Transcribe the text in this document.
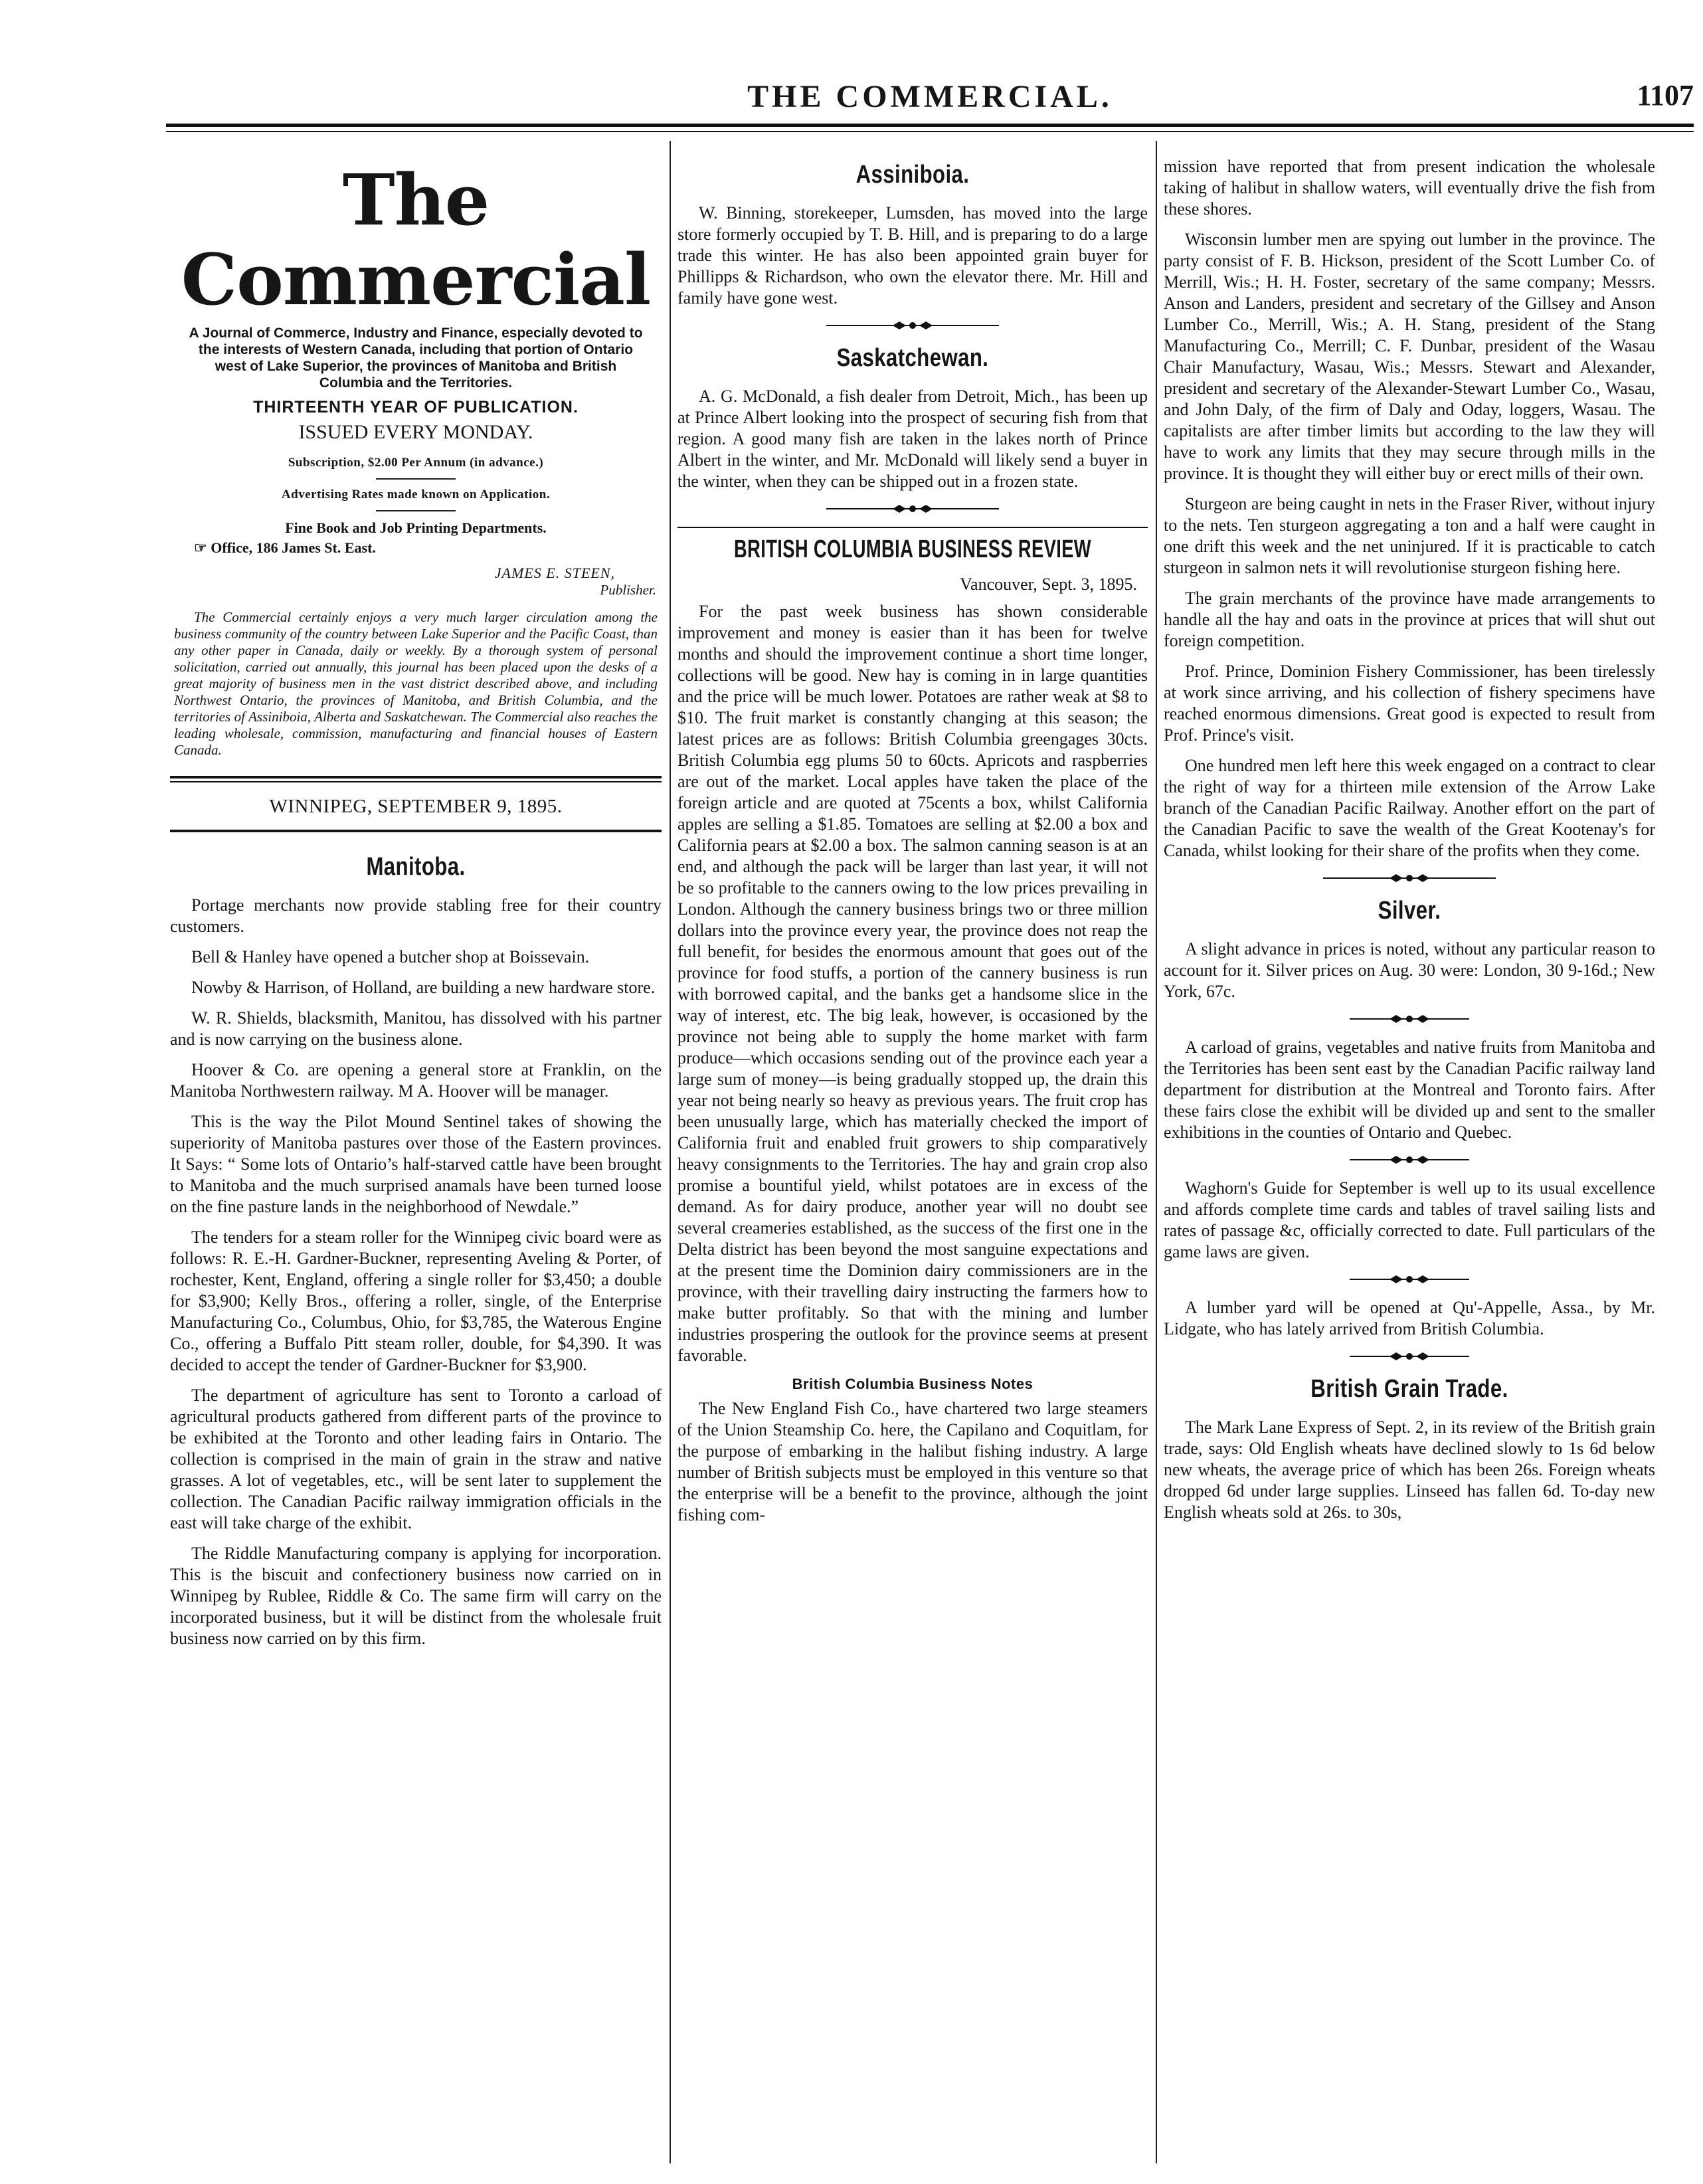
THE COMMERCIAL.	1107
The Commercial
A Journal of Commerce, Industry and Finance, especially devoted to the interests of Western Canada, including that portion of Ontario west of Lake Superior, the provinces of Manitoba and British Columbia and the Territories.
THIRTEENTH YEAR OF PUBLICATION.
ISSUED EVERY MONDAY.
Subscription, $2.00 Per Annum (in advance.)
Advertising Rates made known on Application.
Fine Book and Job Printing Departments.
☞ Office, 186 James St. East.
JAMES E. STEEN,
Publisher.
The Commercial certainly enjoys a very much larger circulation among the business community of the country between Lake Superior and the Pacific Coast, than any other paper in Canada, daily or weekly. By a thorough system of personal solicitation, carried out annually, this journal has been placed upon the desks of a great majority of business men in the vast district described above, and including Northwest Ontario, the provinces of Manitoba, and British Columbia, and the territories of Assiniboia, Alberta and Saskatchewan. The Commercial also reaches the leading wholesale, commission, manufacturing and financial houses of Eastern Canada.
WINNIPEG, SEPTEMBER 9, 1895.
Manitoba.

Portage merchants now provide stabling free for their country customers.

Bell & Hanley have opened a butcher shop at Boissevain.

Nowby & Harrison, of Holland, are building a new hardware store.

W. R. Shields, blacksmith, Manitou, has dissolved with his partner and is now carrying on the business alone.

Hoover & Co. are opening a general store at Franklin, on the Manitoba Northwestern railway. M A. Hoover will be manager.

This is the way the Pilot Mound Sentinel takes of showing the superiority of Manitoba pastures over those of the Eastern provinces. It Says: “ Some lots of Ontario’s half-starved cattle have been brought to Manitoba and the much surprised anamals have been turned loose on the fine pasture lands in the neighborhood of Newdale.”

The tenders for a steam roller for the Winnipeg civic board were as follows: R. E.-H. Gardner-Buckner, representing Aveling & Porter, of rochester, Kent, England, offering a single roller for $3,450; a double for $3,900; Kelly Bros., offering a roller, single, of the Enterprise Manufacturing Co., Columbus, Ohio, for $3,785, the Waterous Engine Co., offering a Buffalo Pitt steam roller, double, for $4,390. It was decided to accept the tender of Gardner-Buckner for $3,900.

The department of agriculture has sent to Toronto a carload of agricultural products gathered from different parts of the province to be exhibited at the Toronto and other leading fairs in Ontario. The collection is comprised in the main of grain in the straw and native grasses. A lot of vegetables, etc., will be sent later to supplement the collection. The Canadian Pacific railway immigration officials in the east will take charge of the exhibit.

The Riddle Manufacturing company is applying for incorporation. This is the biscuit and confectionery business now carried on in Winnipeg by Rublee, Riddle & Co. The same firm will carry on the incorporated business, but it will be distinct from the wholesale fruit business now carried on by this firm.

Assiniboia.

W. Binning, storekeeper, Lumsden, has moved into the large store formerly occupied by T. B. Hill, and is preparing to do a large trade this winter. He has also been appointed grain buyer for Phillipps & Richardson, who own the elevator there. Mr. Hill and family have gone west.

Saskatchewan.

A. G. McDonald, a fish dealer from Detroit, Mich., has been up at Prince Albert looking into the prospect of securing fish from that region. A good many fish are taken in the lakes north of Prince Albert in the winter, and Mr. McDonald will likely send a buyer in the winter, when they can be shipped out in a frozen state.

BRITISH COLUMBIA BUSINESS REVIEW
Vancouver, Sept. 3, 1895.

For the past week business has shown considerable improvement and money is easier than it has been for twelve months and should the improvement continue a short time longer, collections will be good. New hay is coming in in large quantities and the price will be much lower. Potatoes are rather weak at $8 to $10. The fruit market is constantly changing at this season; the latest prices are as follows: British Columbia greengages 30cts. British Columbia egg plums 50 to 60cts. Apricots and raspberries are out of the market. Local apples have taken the place of the foreign article and are quoted at 75cents a box, whilst California apples are selling a $1.85. Tomatoes are selling at $2.00 a box and California pears at $2.00 a box. The salmon canning season is at an end, and although the pack will be larger than last year, it will not be so profitable to the canners owing to the low prices prevailing in London. Although the cannery business brings two or three million dollars into the province every year, the province does not reap the full benefit, for besides the enormous amount that goes out of the province for food stuffs, a portion of the cannery business is run with borrowed capital, and the banks get a handsome slice in the way of interest, etc. The big leak, however, is occasioned by the province not being able to supply the home market with farm produce—which occasions sending out of the province each year a large sum of money—is being gradually stopped up, the drain this year not being nearly so heavy as previous years. The fruit crop has been unusually large, which has materially checked the import of California fruit and enabled fruit growers to ship comparatively heavy consignments to the Territories. The hay and grain crop also promise a bountiful yield, whilst potatoes are in excess of the demand. As for dairy produce, another year will no doubt see several creameries established, as the success of the first one in the Delta district has been beyond the most sanguine expectations and at the present time the Dominion dairy commissioners are in the province, with their travelling dairy instructing the farmers how to make butter profitably. So that with the mining and lumber industries prospering the outlook for the province seems at present favorable.

British Columbia Business Notes

The New England Fish Co., have chartered two large steamers of the Union Steamship Co. here, the Capilano and Coquitlam, for the purpose of embarking in the halibut fishing industry. A large number of British subjects must be employed in this venture so that the enterprise will be a benefit to the province, although the joint fishing com-

mission have reported that from present indication the wholesale taking of halibut in shallow waters, will eventually drive the fish from these shores.

Wisconsin lumber men are spying out lumber in the province. The party consist of F. B. Hickson, president of the Scott Lumber Co. of Merrill, Wis.; H. H. Foster, secretary of the same company; Messrs. Anson and Landers, president and secretary of the Gillsey and Anson Lumber Co., Merrill, Wis.; A. H. Stang, president of the Stang Manufacturing Co., Merrill; C. F. Dunbar, president of the Wasau Chair Manufactury, Wasau, Wis.; Messrs. Stewart and Alexander, president and secretary of the Alexander-Stewart Lumber Co., Wasau, and John Daly, of the firm of Daly and Oday, loggers, Wasau. The capitalists are after timber limits but according to the law they will have to work any limits that they may secure through mills in the province. It is thought they will either buy or erect mills of their own.

Sturgeon are being caught in nets in the Fraser River, without injury to the nets. Ten sturgeon aggregating a ton and a half were caught in one drift this week and the net uninjured. If it is practicable to catch sturgeon in salmon nets it will revolutionise sturgeon fishing here.

The grain merchants of the province have made arrangements to handle all the hay and oats in the province at prices that will shut out foreign competition.

Prof. Prince, Dominion Fishery Commissioner, has been tirelessly at work since arriving, and his collection of fishery specimens have reached enormous dimensions. Great good is expected to result from Prof. Prince's visit.

One hundred men left here this week engaged on a contract to clear the right of way for a thirteen mile extension of the Arrow Lake branch of the Canadian Pacific Railway. Another effort on the part of the Canadian Pacific to save the wealth of the Great Kootenay's for Canada, whilst looking for their share of the profits when they come.

Silver.

A slight advance in prices is noted, without any particular reason to account for it. Silver prices on Aug. 30 were: London, 30 9-16d.; New York, 67c.

A carload of grains, vegetables and native fruits from Manitoba and the Territories has been sent east by the Canadian Pacific railway land department for distribution at the Montreal and Toronto fairs. After these fairs close the exhibit will be divided up and sent to the smaller exhibitions in the counties of Ontario and Quebec.

Waghorn's Guide for September is well up to its usual excellence and affords complete time cards and tables of travel sailing lists and rates of passage &c, officially corrected to date. Full particulars of the game laws are given.

A lumber yard will be opened at Qu'-Appelle, Assa., by Mr. Lidgate, who has lately arrived from British Columbia.

British Grain Trade.

The Mark Lane Express of Sept. 2, in its review of the British grain trade, says: Old English wheats have declined slowly to 1s 6d below new wheats, the average price of which has been 26s. Foreign wheats dropped 6d under large supplies. Linseed has fallen 6d. To-day new English wheats sold at 26s. to 30s,
